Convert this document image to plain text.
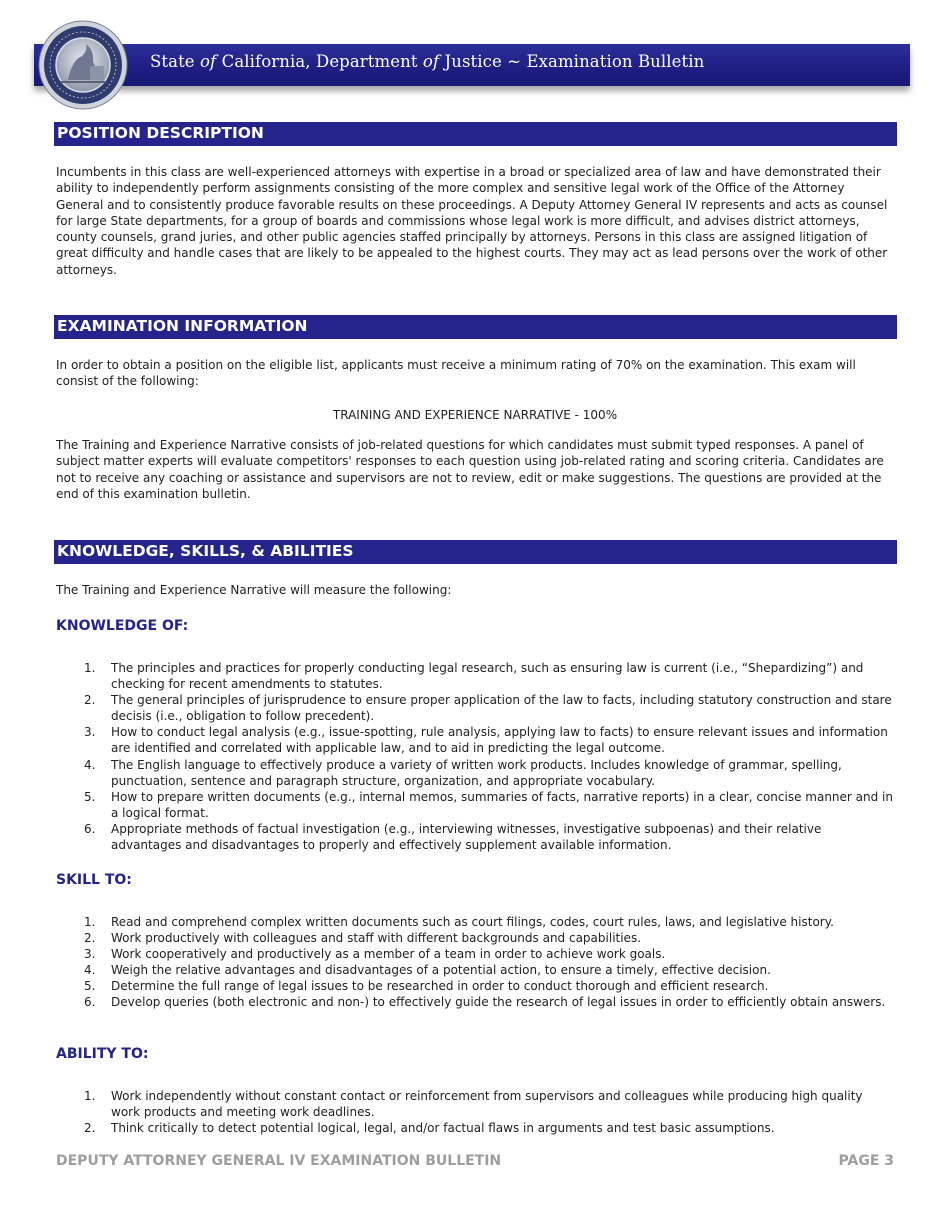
State of California, Department of Justice ~ Examination Bulletin
POSITION DESCRIPTION
Incumbents in this class are well-experienced attorneys with expertise in a broad or specialized area of law and have demonstrated their ability to independently perform assignments consisting of the more complex and sensitive legal work of the Office of the Attorney General and to consistently produce favorable results on these proceedings. A Deputy Attorney General IV represents and acts as counsel for large State departments, for a group of boards and commissions whose legal work is more difficult, and advises district attorneys, county counsels, grand juries, and other public agencies staffed principally by attorneys. Persons in this class are assigned litigation of great difficulty and handle cases that are likely to be appealed to the highest courts. They may act as lead persons over the work of other attorneys.
EXAMINATION INFORMATION
In order to obtain a position on the eligible list, applicants must receive a minimum rating of 70% on the examination. This exam will consist of the following:
TRAINING AND EXPERIENCE NARRATIVE - 100%
The Training and Experience Narrative consists of job-related questions for which candidates must submit typed responses. A panel of subject matter experts will evaluate competitors' responses to each question using job-related rating and scoring criteria. Candidates are not to receive any coaching or assistance and supervisors are not to review, edit or make suggestions. The questions are provided at the end of this examination bulletin.
KNOWLEDGE, SKILLS, & ABILITIES
The Training and Experience Narrative will measure the following:
KNOWLEDGE OF:
1. The principles and practices for properly conducting legal research, such as ensuring law is current (i.e., “Shepardizing”) and checking for recent amendments to statutes.
2. The general principles of jurisprudence to ensure proper application of the law to facts, including statutory construction and stare decisis (i.e., obligation to follow precedent).
3. How to conduct legal analysis (e.g., issue-spotting, rule analysis, applying law to facts) to ensure relevant issues and information are identified and correlated with applicable law, and to aid in predicting the legal outcome.
4. The English language to effectively produce a variety of written work products. Includes knowledge of grammar, spelling, punctuation, sentence and paragraph structure, organization, and appropriate vocabulary.
5. How to prepare written documents (e.g., internal memos, summaries of facts, narrative reports) in a clear, concise manner and in a logical format.
6. Appropriate methods of factual investigation (e.g., interviewing witnesses, investigative subpoenas) and their relative advantages and disadvantages to properly and effectively supplement available information.
SKILL TO:
1. Read and comprehend complex written documents such as court filings, codes, court rules, laws, and legislative history.
2. Work productively with colleagues and staff with different backgrounds and capabilities.
3. Work cooperatively and productively as a member of a team in order to achieve work goals.
4. Weigh the relative advantages and disadvantages of a potential action, to ensure a timely, effective decision.
5. Determine the full range of legal issues to be researched in order to conduct thorough and efficient research.
6. Develop queries (both electronic and non-) to effectively guide the research of legal issues in order to efficiently obtain answers.
ABILITY TO:
1. Work independently without constant contact or reinforcement from supervisors and colleagues while producing high quality work products and meeting work deadlines.
2. Think critically to detect potential logical, legal, and/or factual flaws in arguments and test basic assumptions.
DEPUTY ATTORNEY GENERAL IV EXAMINATION BULLETIN	PAGE 3
